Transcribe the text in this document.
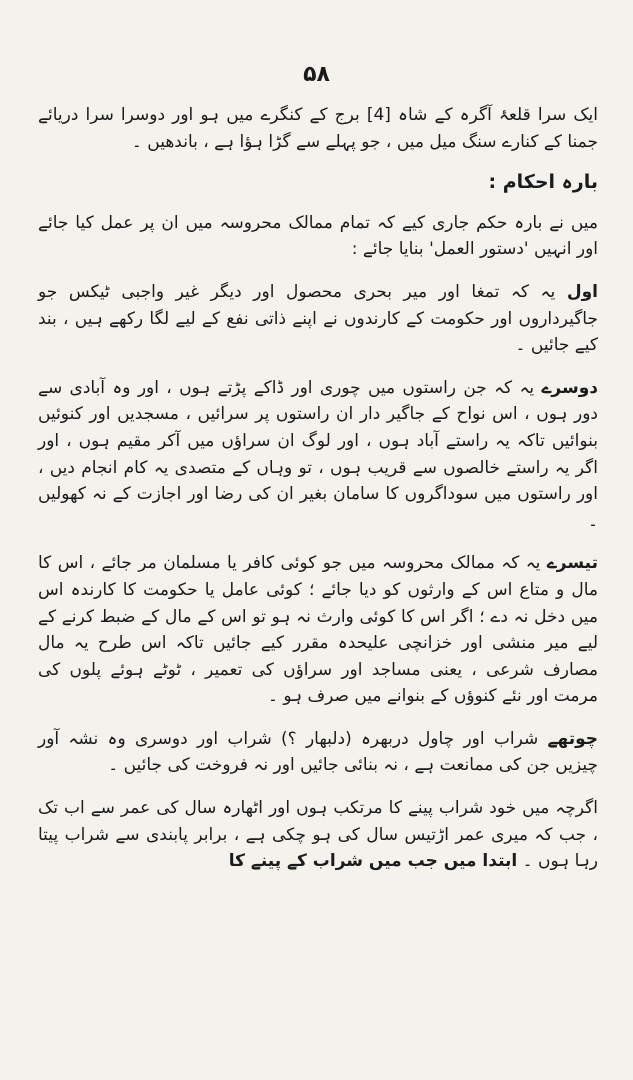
۵۸

ایک سرا قلعۂ آگرہ کے شاہ [4] برج کے کنگرے میں ہو اور دوسرا سرا دریائے جمنا کے کنارے سنگ میل میں ، جو پہلے سے گڑا ہؤا ہے ، باندھیں ۔

بارہ احکام :

میں نے بارہ حکم جاری کیے کہ تمام ممالک محروسہ میں ان پر عمل کیا جائے اور انہیں 'دستور العمل' بنایا جائے :

اول یہ کہ تمغا اور میر بحری محصول اور دیگر غیر واجبی ٹیکس جو جاگیرداروں اور حکومت کے کارندوں نے اپنے ذاتی نفع کے لیے لگا رکھے ہیں ، بند کیے جائیں ۔

دوسرے یہ کہ جن راستوں میں چوری اور ڈاکے پڑتے ہوں ، اور وہ آبادی سے دور ہوں ، اس نواح کے جاگیر دار ان راستوں پر سرائیں ، مسجدیں اور کنوئیں بنوائیں تاکہ یہ راستے آباد ہوں ، اور لوگ ان سراؤں میں آکر مقیم ہوں ، اور اگر یہ راستے خالصوں سے قریب ہوں ، تو وہاں کے متصدی یہ کام انجام دیں ، اور راستوں میں سوداگروں کا سامان بغیر ان کی رضا اور اجازت کے نہ کھولیں ۔

تیسرے یہ کہ ممالک محروسہ میں جو کوئی کافر یا مسلمان مر جائے ، اس کا مال و متاع اس کے وارثوں کو دیا جائے ؛ کوئی عامل یا حکومت کا کارندہ اس میں دخل نہ دے ؛ اگر اس کا کوئی وارث نہ ہو تو اس کے مال کے ضبط کرنے کے لیے میر منشی اور خزانچی علیحدہ مقرر کیے جائیں تاکہ اس طرح یہ مال مصارف شرعی ، یعنی مساجد اور سراؤں کی تعمیر ، ٹوٹے ہوئے پلوں کی مرمت اور نئے کنوؤں کے بنوانے میں صرف ہو ۔

چوتھے شراب اور چاول دربھرہ (دلبھار ؟) شراب اور دوسری وہ نشہ آور چیزیں جن کی ممانعت ہے ، نہ بنائی جائیں اور نہ فروخت کی جائیں ۔

اگرچہ میں خود شراب پینے کا مرتکب ہوں اور اٹھارہ سال کی عمر سے اب تک ، جب کہ میری عمر اڑتیس سال کی ہو چکی ہے ، برابر پابندی سے شراب پیتا رہا ہوں ۔ ابتدا میں جب میں شراب کے پینے کا
